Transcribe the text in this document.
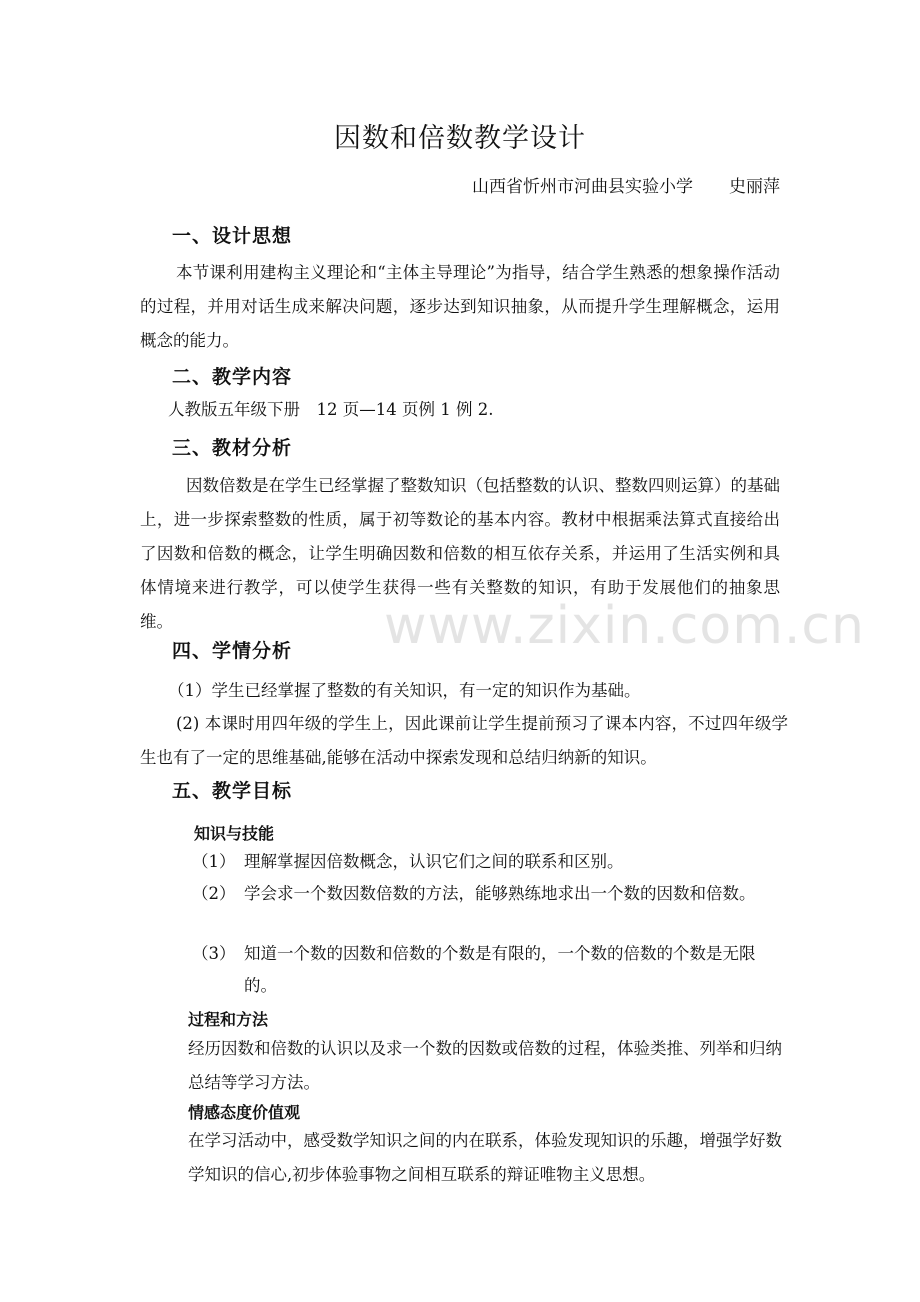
因数和倍数教学设计
山西省忻州市河曲县实验小学 史丽萍
www.zixin.com.cn
一、设计思想
本节课利用建构主义理论和“主体主导理论”为指导，结合学生熟悉的想象操作活动的过程，并用对话生成来解决问题，逐步达到知识抽象，从而提升学生理解概念，运用概念的能力。
二、教学内容
人教版五年级下册　12 页—14 页例 1 例 2.
三、教材分析
因数倍数是在学生已经掌握了整数知识（包括整数的认识、整数四则运算）的基础上，进一步探索整数的性质，属于初等数论的基本内容。教材中根据乘法算式直接给出了因数和倍数的概念，让学生明确因数和倍数的相互依存关系，并运用了生活实例和具体情境来进行教学，可以使学生获得一些有关整数的知识，有助于发展他们的抽象思维。
四、学情分析
（1）学生已经掌握了整数的有关知识，有一定的知识作为基础。
(2) 本课时用四年级的学生上，因此课前让学生提前预习了课本内容，不过四年级学生也有了一定的思维基础,能够在活动中探索发现和总结归纳新的知识。
五、教学目标
知识与技能
（1） 理解掌握因倍数概念，认识它们之间的联系和区别。
（2） 学会求一个数因数倍数的方法，能够熟练地求出一个数的因数和倍数。
（3） 知道一个数的因数和倍数的个数是有限的，一个数的倍数的个数是无限的。
过程和方法
经历因数和倍数的认识以及求一个数的因数或倍数的过程，体验类推、列举和归纳总结等学习方法。
情感态度价值观
在学习活动中，感受数学知识之间的内在联系，体验发现知识的乐趣，增强学好数学知识的信心,初步体验事物之间相互联系的辩证唯物主义思想。
